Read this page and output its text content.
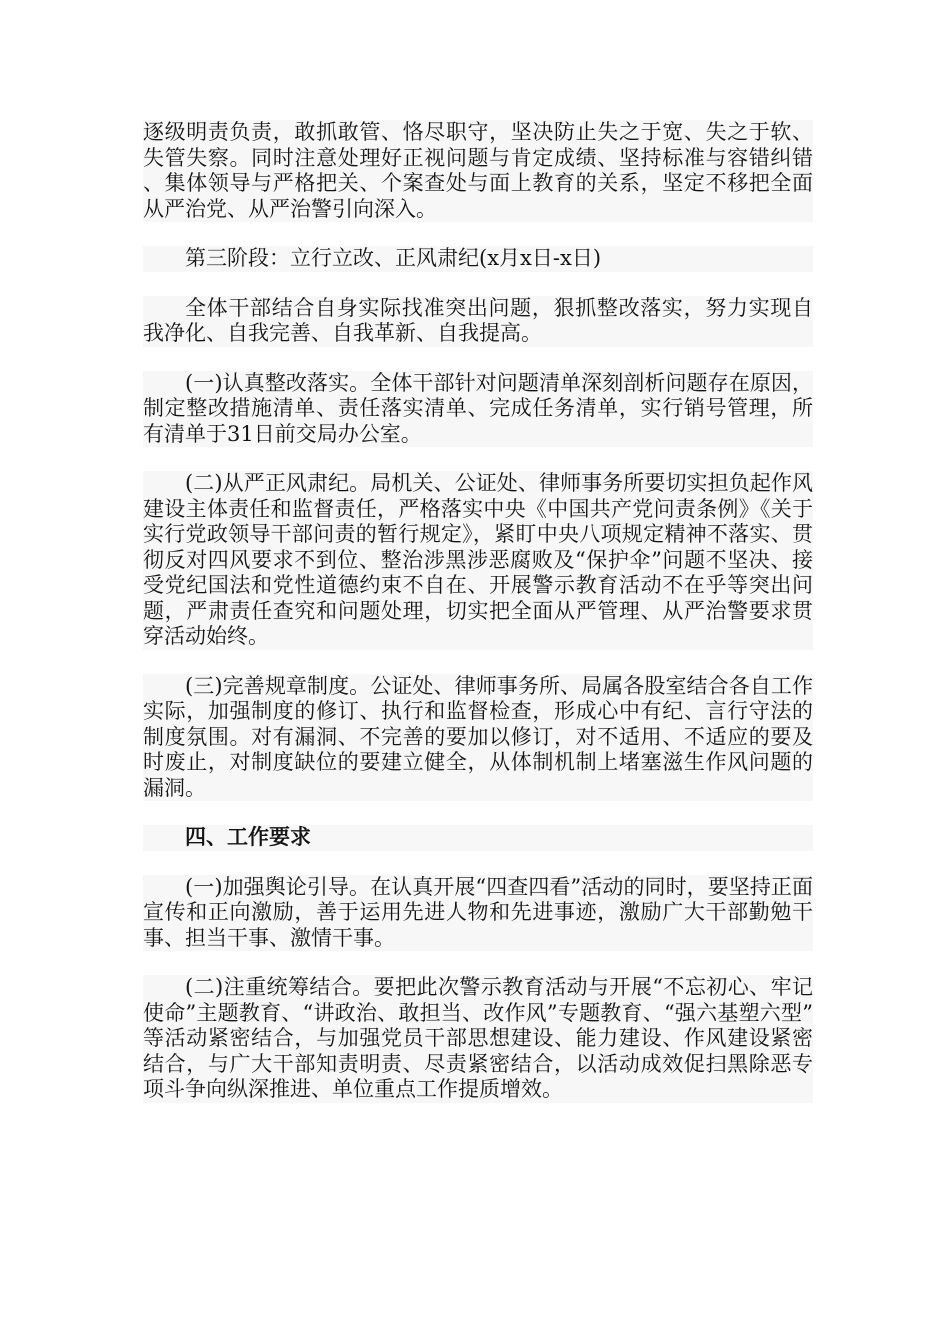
逐级明责负责，敢抓敢管、恪尽职守，坚决防止失之于宽、失之于软、失管失察。同时注意处理好正视问题与肯定成绩、坚持标准与容错纠错、集体领导与严格把关、个案查处与面上教育的关系，坚定不移把全面从严治党、从严治警引向深入。

第三阶段：立行立改、正风肃纪(x月x日-x日)

全体干部结合自身实际找准突出问题，狠抓整改落实，努力实现自我净化、自我完善、自我革新、自我提高。

(一)认真整改落实。全体干部针对问题清单深刻剖析问题存在原因，制定整改措施清单、责任落实清单、完成任务清单，实行销号管理，所有清单于31日前交局办公室。

(二)从严正风肃纪。局机关、公证处、律师事务所要切实担负起作风建设主体责任和监督责任，严格落实中央《中国共产党问责条例》《关于实行党政领导干部问责的暂行规定》，紧盯中央八项规定精神不落实、贯彻反对四风要求不到位、整治涉黑涉恶腐败及“保护伞”问题不坚决、接受党纪国法和党性道德约束不自在、开展警示教育活动不在乎等突出问题，严肃责任查究和问题处理，切实把全面从严管理、从严治警要求贯穿活动始终。

(三)完善规章制度。公证处、律师事务所、局属各股室结合各自工作实际，加强制度的修订、执行和监督检查，形成心中有纪、言行守法的制度氛围。对有漏洞、不完善的要加以修订，对不适用、不适应的要及时废止，对制度缺位的要建立健全，从体制机制上堵塞滋生作风问题的漏洞。

四、工作要求

(一)加强舆论引导。在认真开展“四查四看”活动的同时，要坚持正面宣传和正向激励，善于运用先进人物和先进事迹，激励广大干部勤勉干事、担当干事、激情干事。

(二)注重统筹结合。要把此次警示教育活动与开展“不忘初心、牢记使命”主题教育、“讲政治、敢担当、改作风”专题教育、“强六基塑六型”等活动紧密结合，与加强党员干部思想建设、能力建设、作风建设紧密结合，与广大干部知责明责、尽责紧密结合，以活动成效促扫黑除恶专项斗争向纵深推进、单位重点工作提质增效。
